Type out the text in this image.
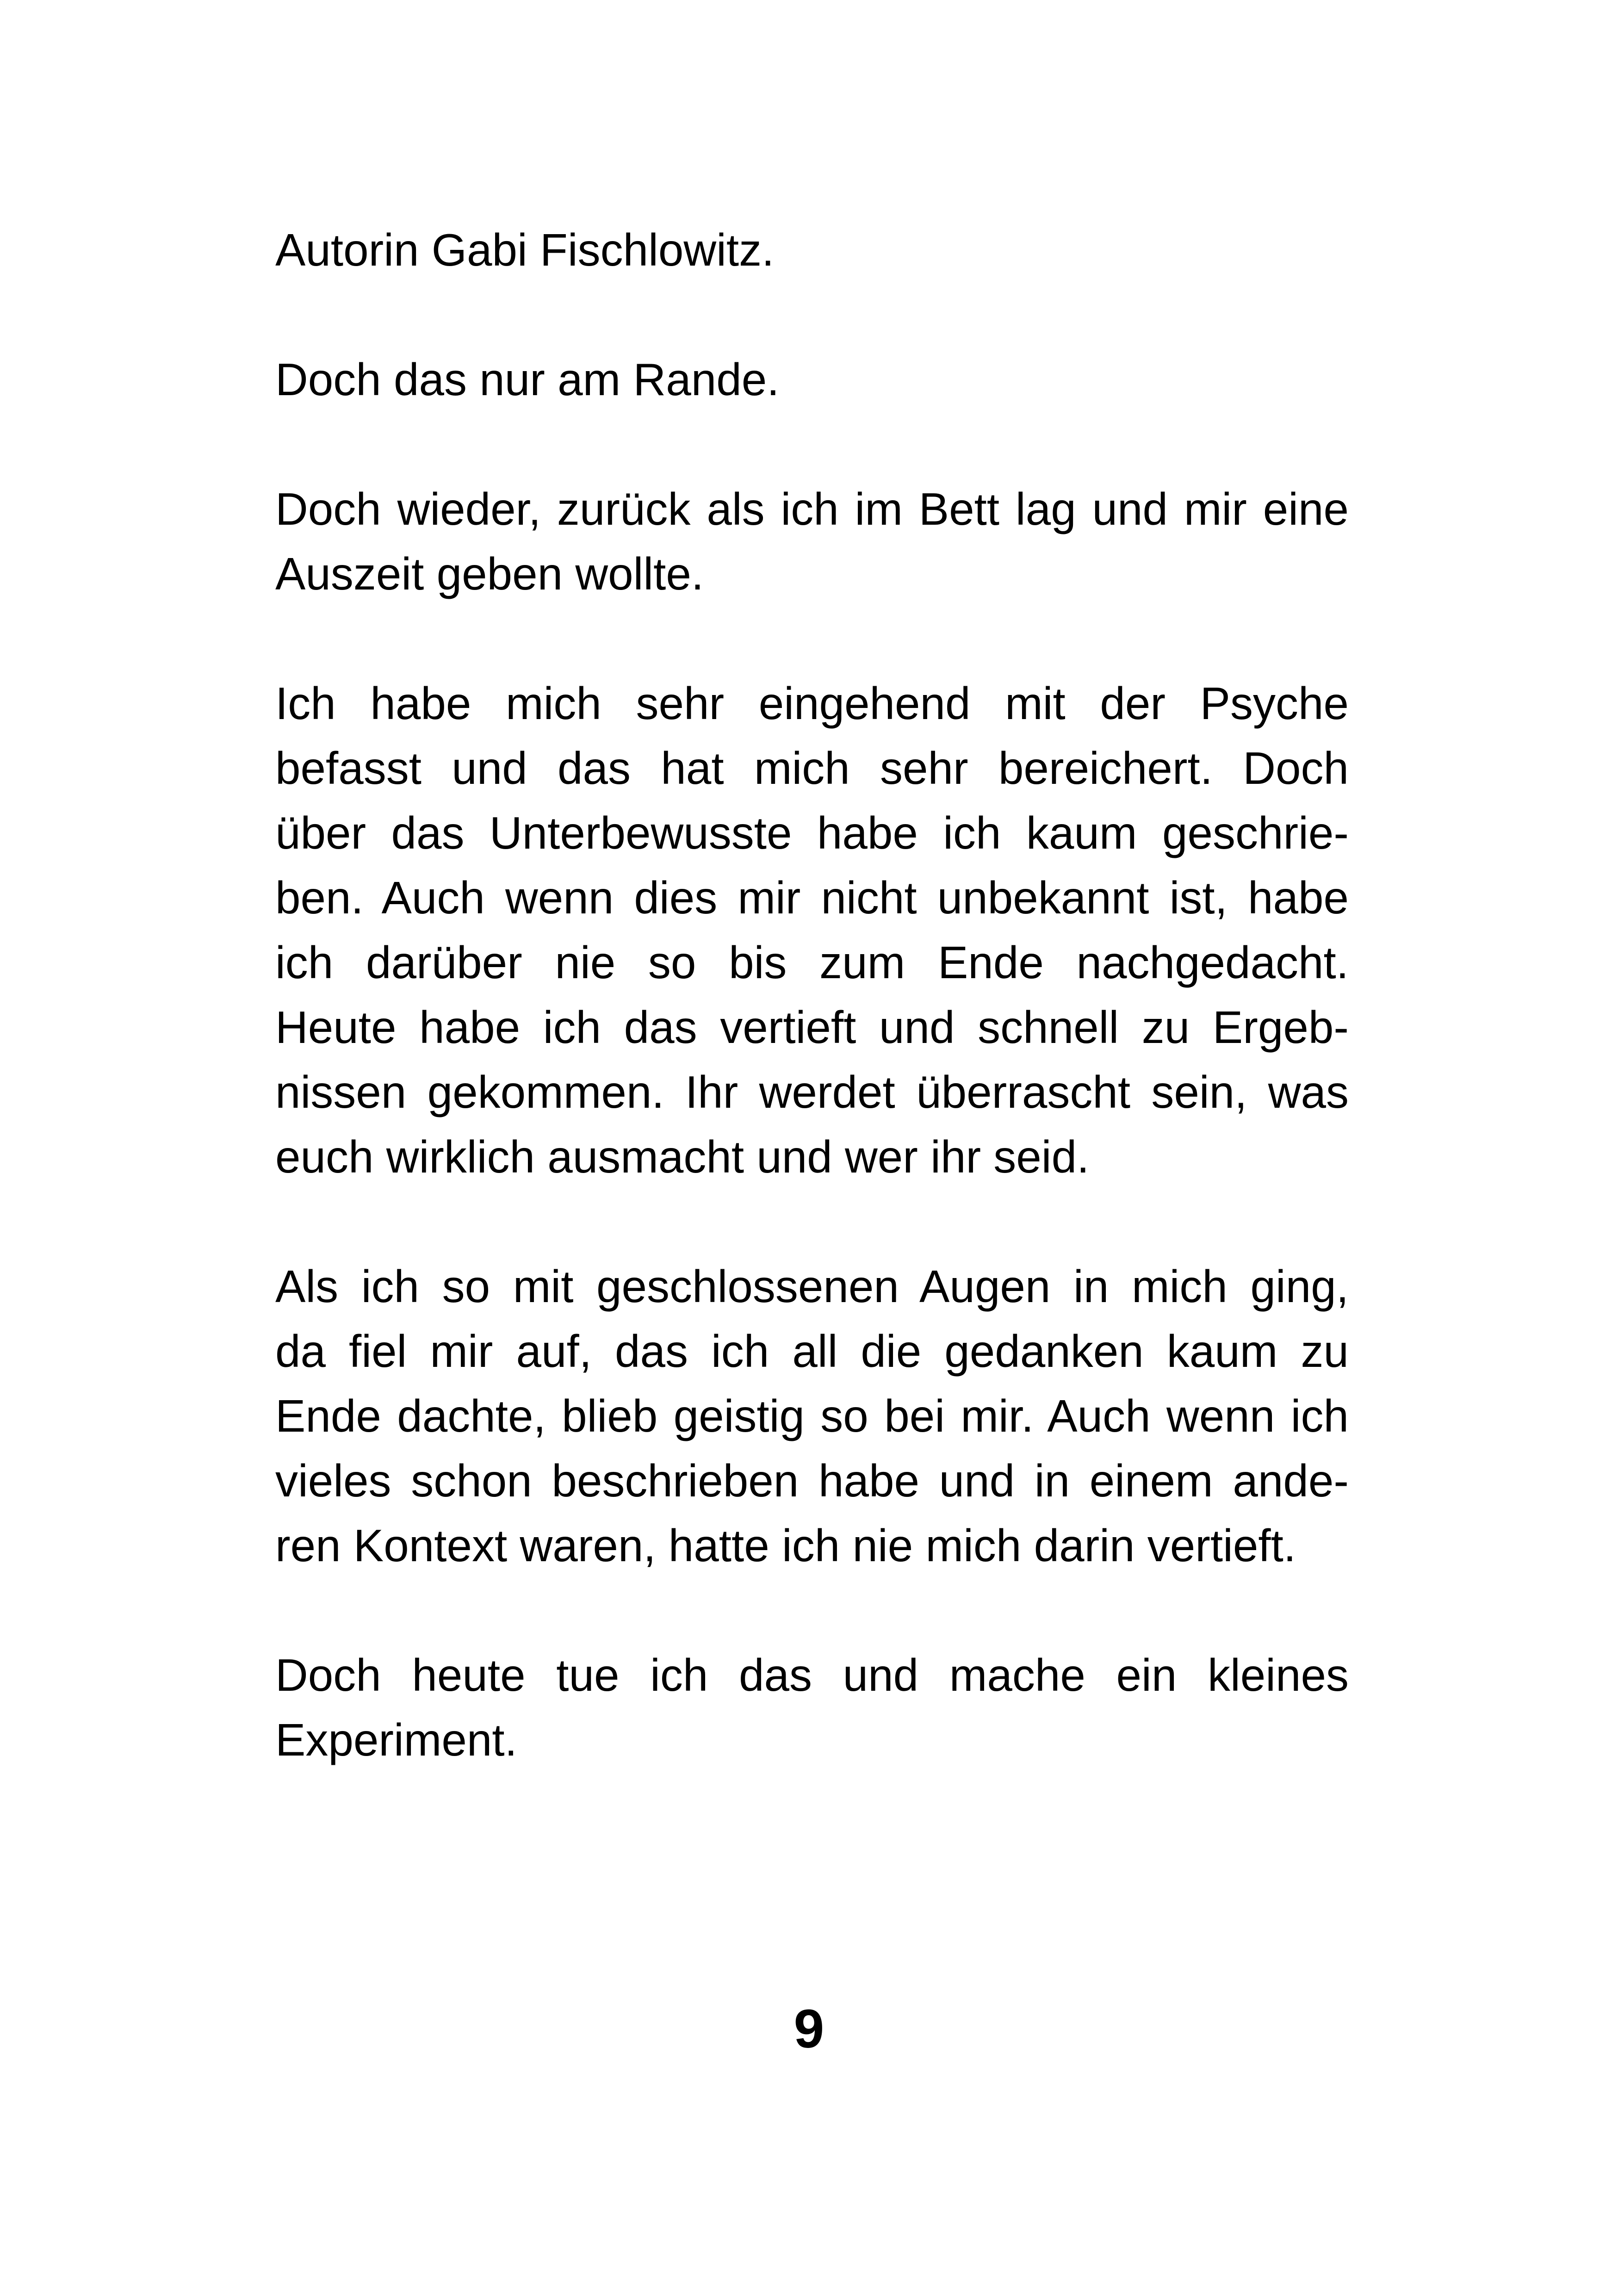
Autorin Gabi Fischlowitz.
Doch das nur am Rande.
Doch wieder, zurück als ich im Bett lag und mir eine
Auszeit geben wollte.
Ich habe mich sehr eingehend mit der Psyche
befasst und das hat mich sehr bereichert. Doch
über das Unterbewusste habe ich kaum geschrie-
ben. Auch wenn dies mir nicht unbekannt ist, habe
ich darüber nie so bis zum Ende nachgedacht.
Heute habe ich das vertieft und schnell zu Ergeb-
nissen gekommen. Ihr werdet überrascht sein, was
euch wirklich ausmacht und wer ihr seid.
Als ich so mit geschlossenen Augen in mich ging,
da fiel mir auf, das ich all die gedanken kaum zu
Ende dachte, blieb geistig so bei mir. Auch wenn ich
vieles schon beschrieben habe und in einem ande-
ren Kontext waren, hatte ich nie mich darin vertieft.
Doch heute tue ich das und mache ein kleines
Experiment.
9
